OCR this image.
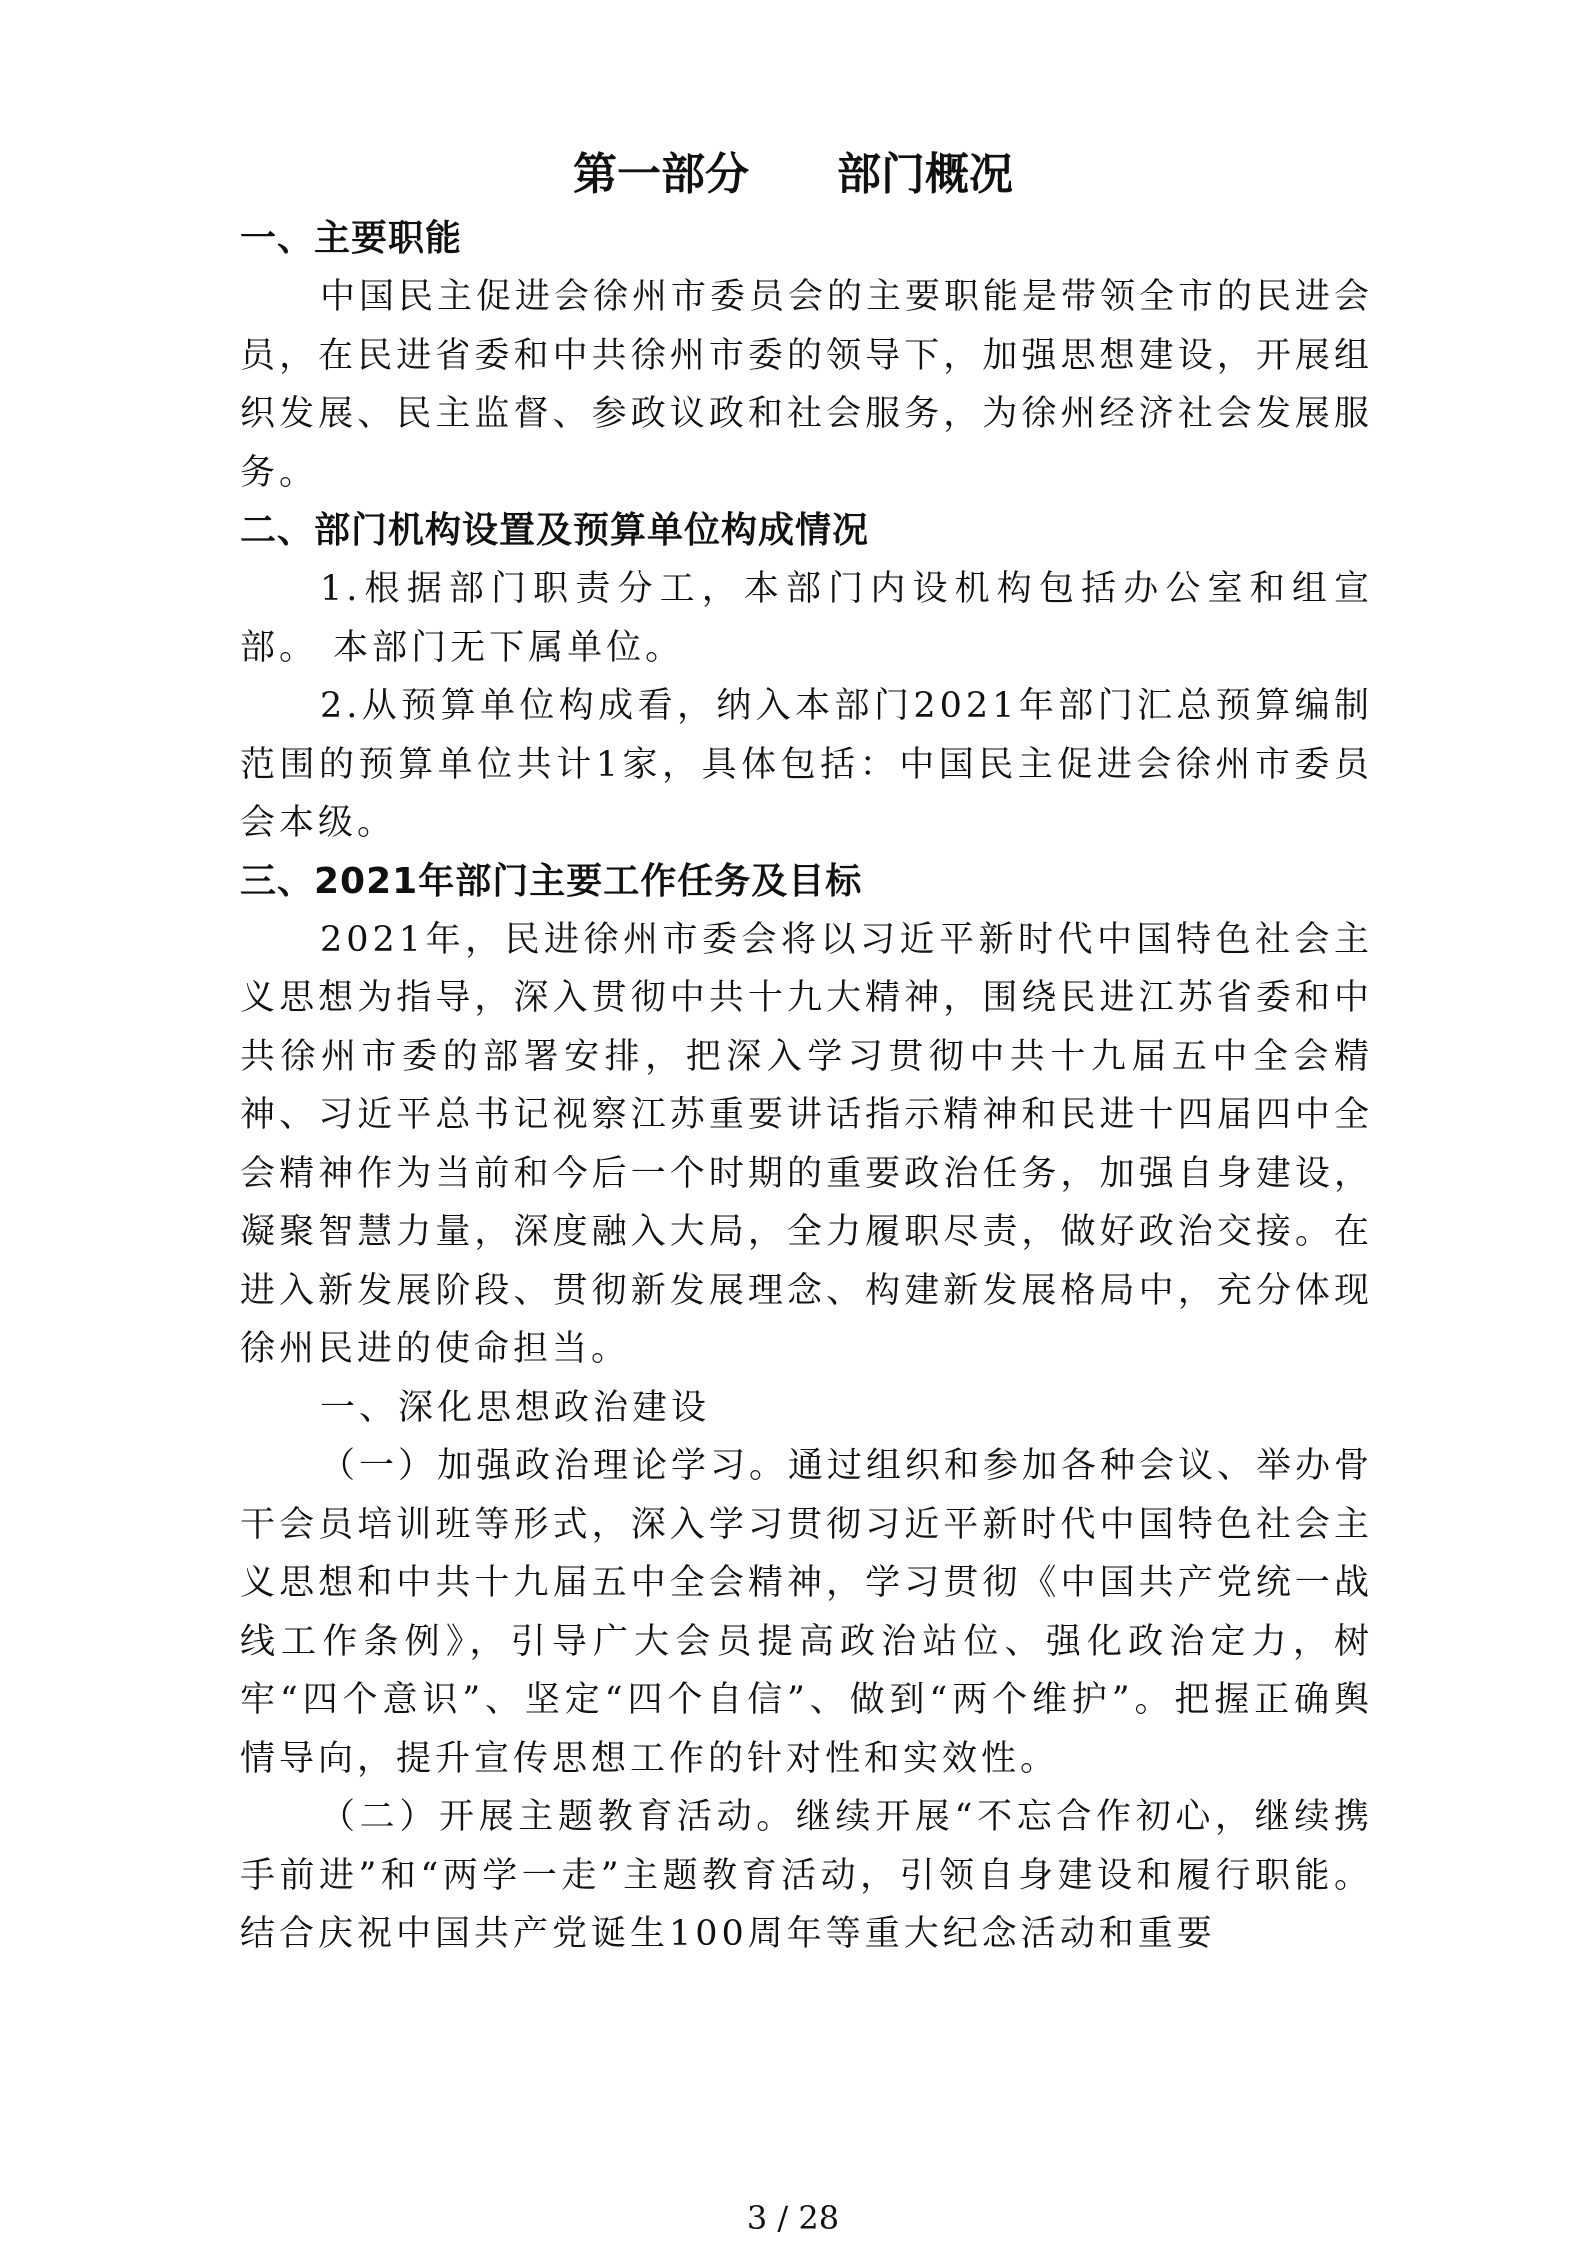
第一部分　　部门概况
一、主要职能

中国民主促进会徐州市委员会的主要职能是带领全市的民进会员，在民进省委和中共徐州市委的领导下，加强思想建设，开展组织发展、民主监督、参政议政和社会服务，为徐州经济社会发展服务。

二、部门机构设置及预算单位构成情况

1.根据部门职责分工，本部门内设机构包括办公室和组宣部。 本部门无下属单位。

2.从预算单位构成看，纳入本部门2021年部门汇总预算编制范围的预算单位共计1家，具体包括：中国民主促进会徐州市委员会本级。

三、2021年部门主要工作任务及目标

2021年，民进徐州市委会将以习近平新时代中国特色社会主义思想为指导，深入贯彻中共十九大精神，围绕民进江苏省委和中共徐州市委的部署安排，把深入学习贯彻中共十九届五中全会精神、习近平总书记视察江苏重要讲话指示精神和民进十四届四中全会精神作为当前和今后一个时期的重要政治任务，加强自身建设，凝聚智慧力量，深度融入大局，全力履职尽责，做好政治交接。在进入新发展阶段、贯彻新发展理念、构建新发展格局中，充分体现徐州民进的使命担当。

一、深化思想政治建设

（一）加强政治理论学习。通过组织和参加各种会议、举办骨干会员培训班等形式，深入学习贯彻习近平新时代中国特色社会主义思想和中共十九届五中全会精神，学习贯彻《中国共产党统一战线工作条例》，引导广大会员提高政治站位、强化政治定力，树牢“四个意识”、坚定“四个自信”、做到“两个维护”。把握正确舆情导向，提升宣传思想工作的针对性和实效性。

（二）开展主题教育活动。继续开展“不忘合作初心，继续携手前进”和“两学一走”主题教育活动，引领自身建设和履行职能。结合庆祝中国共产党诞生100周年等重大纪念活动和重要

3 / 28
